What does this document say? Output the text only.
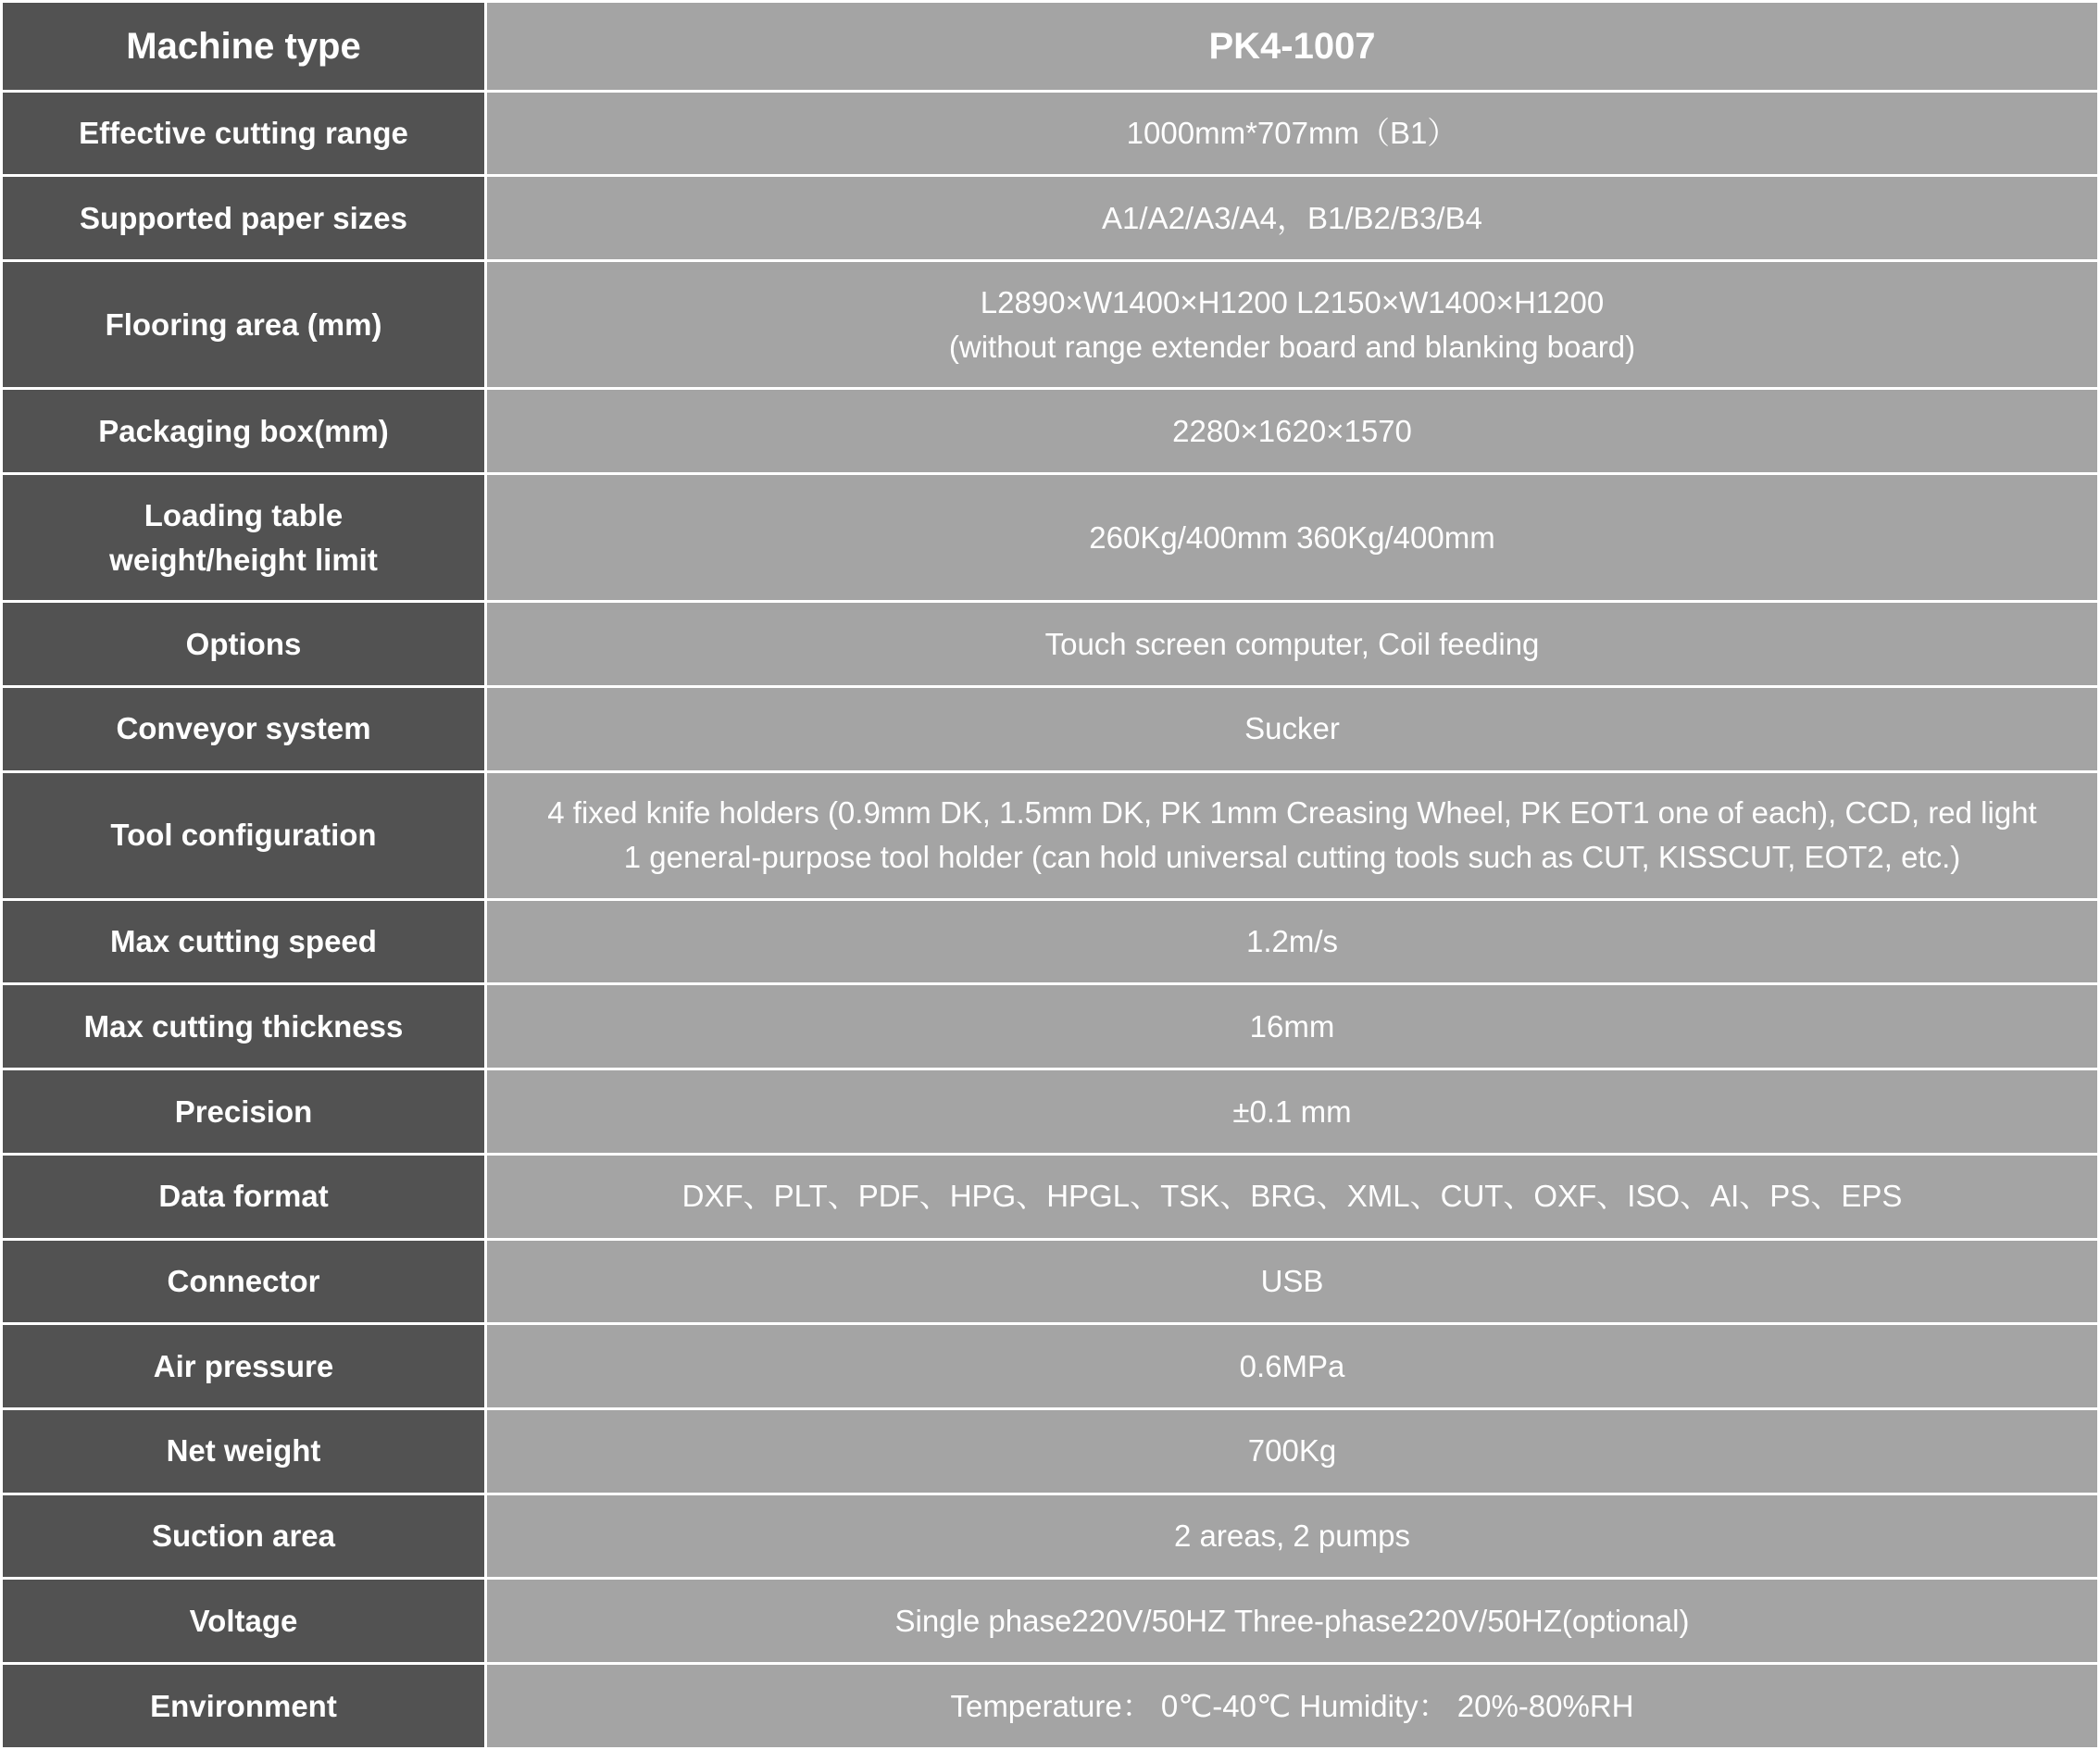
Machine type	PK4-1007

Effective cutting range	1000mm*707mm（B1）

Supported paper sizes	A1/A2/A3/A4，B1/B2/B3/B4

Flooring area (mm)	L2890×W1400×H1200 L2150×W1400×H1200
(without range extender board and blanking board)

Packaging box(mm)	2280×1620×1570

Loading table
weight/height limit	260Kg/400mm 360Kg/400mm

Options	Touch screen computer, Coil feeding

Conveyor system	Sucker

Tool configuration	4 fixed knife holders (0.9mm DK, 1.5mm DK, PK 1mm Creasing Wheel, PK EOT1 one of each), CCD, red light
1 general-purpose tool holder (can hold universal cutting tools such as CUT, KISSCUT, EOT2, etc.)

Max cutting speed	1.2m/s

Max cutting thickness	16mm

Precision	±0.1 mm

Data format	DXF、PLT、PDF、HPG、HPGL、TSK、BRG、XML、CUT、OXF、ISO、AI、PS、EPS

Connector	USB

Air pressure	0.6MPa

Net weight	700Kg

Suction area	2 areas, 2 pumps

Voltage	Single phase220V/50HZ Three-phase220V/50HZ(optional)

Environment	Temperature： 0℃-40℃ Humidity： 20%-80%RH
